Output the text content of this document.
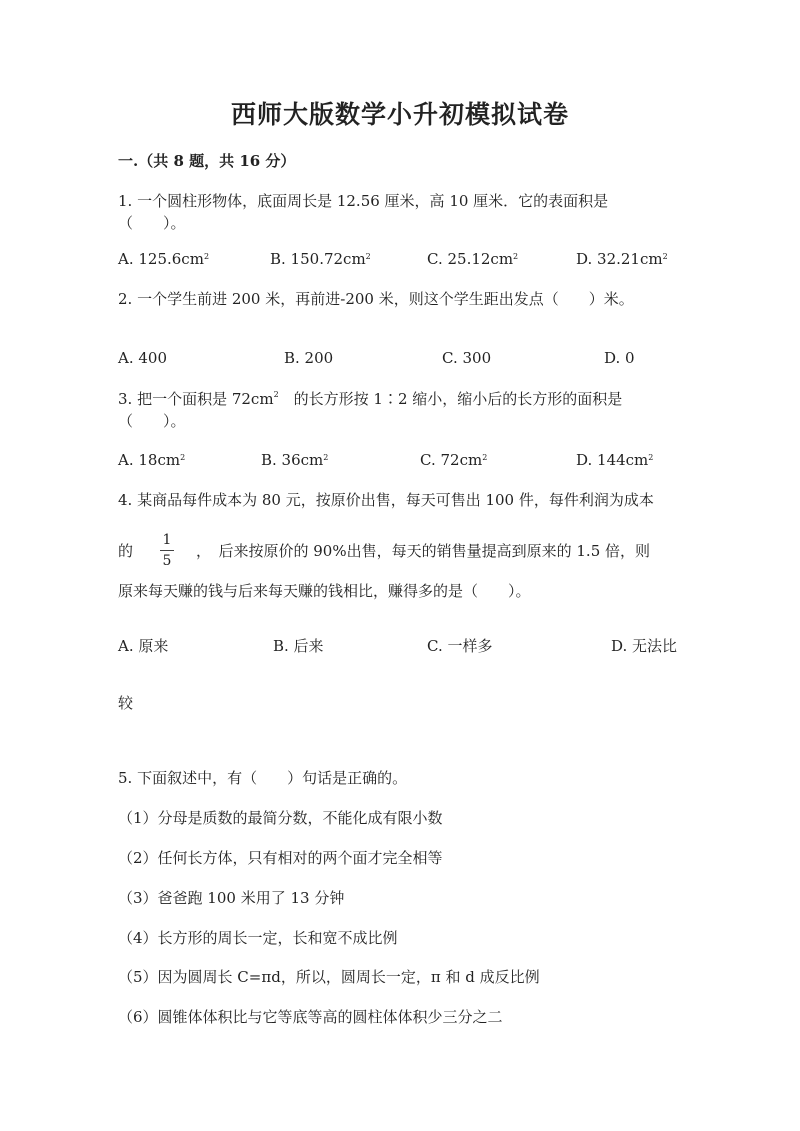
西师大版数学小升初模拟试卷
一.（共 8 题，共 16 分）
1. 一个圆柱形物体，底面周长是 12.56 厘米，高 10 厘米．它的表面积是
（　　）。
A. $125.6cm^2$	B. $150.72cm^2$	C. $25.12cm^2$	D. $32.21cm^2$
2. 一个学生前进 200 米，再前进-200 米，则这个学生距出发点（　　）米。
A. 400	B. 200	C. 300	D. 0
3. 把一个面积是 $72cm^2$　的长方形按 1∶2 缩小，缩小后的长方形的面积是
（　　）。
A. $18cm^2$	B. $36cm^2$	C. $72cm^2$	D. $144cm^2$
4. 某商品每件成本为 80 元，按原价出售，每天可售出 100 件，每件利润为成本
的 $\frac{1}{5}$ ，　后来按原价的 90%出售，每天的销售量提高到原来的 1.5 倍，则
原来每天赚的钱与后来每天赚的钱相比，赚得多的是（　　）。
A. 原来	B. 后来	C. 一样多	D. 无法比
较
5. 下面叙述中，有（　　）句话是正确的。
（1）分母是质数的最简分数，不能化成有限小数
（2）任何长方体，只有相对的两个面才完全相等
（3）爸爸跑 100 米用了 13 分钟
（4）长方形的周长一定，长和宽不成比例
（5）因为圆周长 C=πd，所以，圆周长一定，π 和 d 成反比例
（6）圆锥体体积比与它等底等高的圆柱体体积少三分之二
